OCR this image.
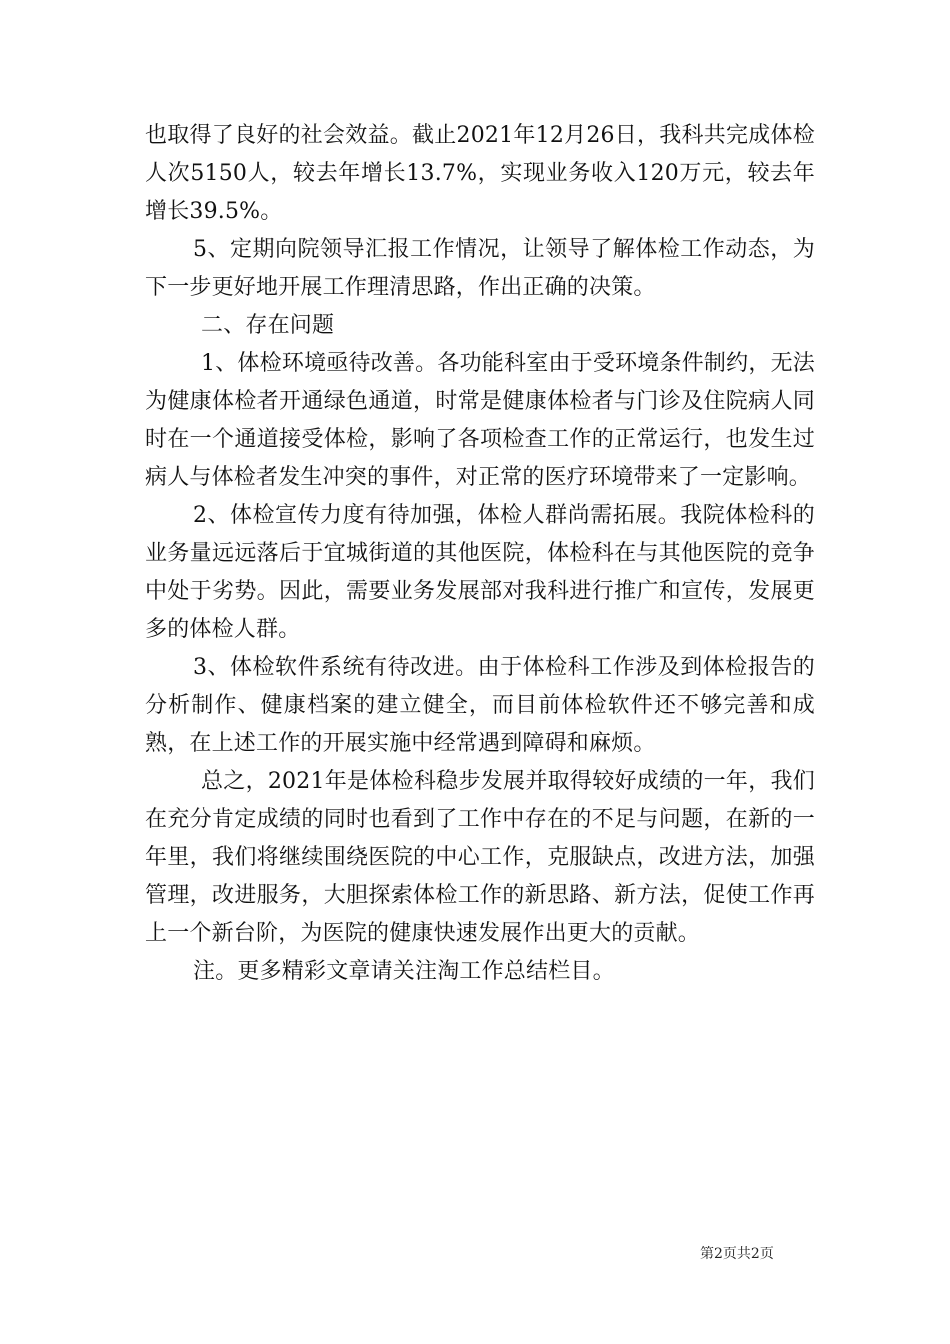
也取得了良好的社会效益。截止2021年12月26日，我科共完成体检人次5150人，较去年增长13.7%，实现业务收入120万元，较去年增长39.5%。

5、定期向院领导汇报工作情况，让领导了解体检工作动态，为下一步更好地开展工作理清思路，作出正确的决策。

二、存在问题

1、体检环境亟待改善。各功能科室由于受环境条件制约，无法为健康体检者开通绿色通道，时常是健康体检者与门诊及住院病人同时在一个通道接受体检，影响了各项检查工作的正常运行，也发生过病人与体检者发生冲突的事件，对正常的医疗环境带来了一定影响。

2、体检宣传力度有待加强，体检人群尚需拓展。我院体检科的业务量远远落后于宜城街道的其他医院，体检科在与其他医院的竞争中处于劣势。因此，需要业务发展部对我科进行推广和宣传，发展更多的体检人群。

3、体检软件系统有待改进。由于体检科工作涉及到体检报告的分析制作、健康档案的建立健全，而目前体检软件还不够完善和成熟，在上述工作的开展实施中经常遇到障碍和麻烦。

总之，2021年是体检科稳步发展并取得较好成绩的一年，我们在充分肯定成绩的同时也看到了工作中存在的不足与问题，在新的一年里，我们将继续围绕医院的中心工作，克服缺点，改进方法，加强管理，改进服务，大胆探索体检工作的新思路、新方法，促使工作再上一个新台阶，为医院的健康快速发展作出更大的贡献。

注。更多精彩文章请关注淘工作总结栏目。

第2页共2页
